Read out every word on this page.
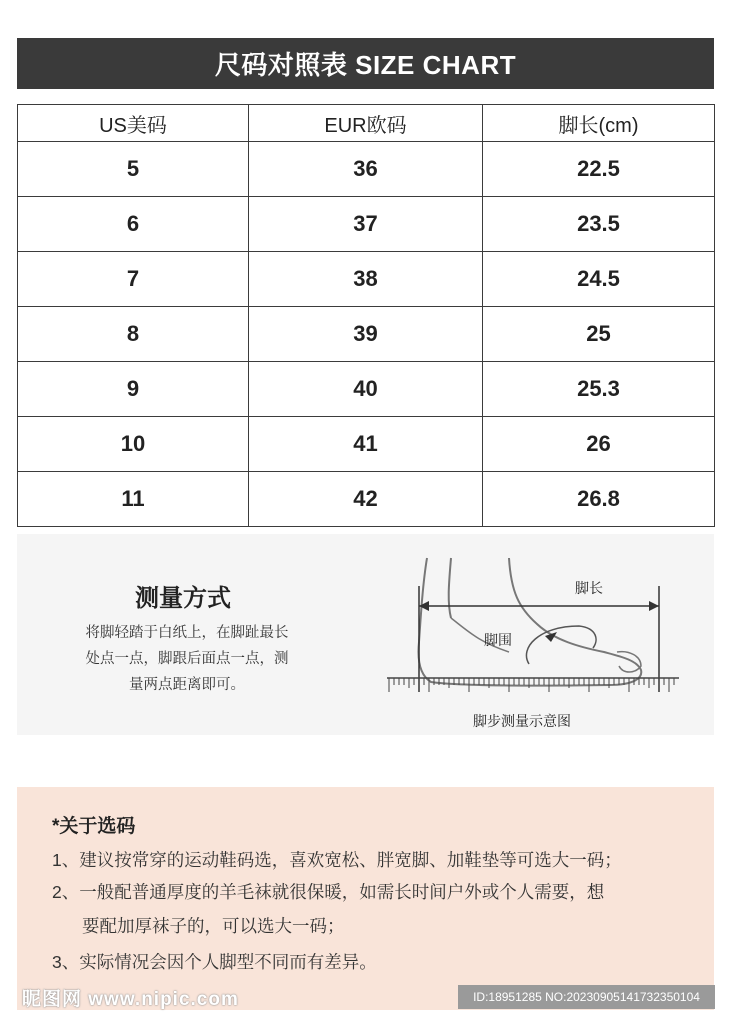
尺码对照表 SIZE CHART
US美码	EUR欧码	脚长(cm)
5	36	22.5
6	37	23.5
7	38	24.5
8	39	25
9	40	25.3
10	41	26
11	42	26.8
测量方式
将脚轻踏于白纸上，在脚趾最长
处点一点，脚跟后面点一点，测
量两点距离即可。
脚长
脚围
脚步测量示意图
*关于选码
1、建议按常穿的运动鞋码选，喜欢宽松、胖宽脚、加鞋垫等可选大一码；
2、一般配普通厚度的羊毛袜就很保暖，如需长时间户外或个人需要，想
要配加厚袜子的，可以选大一码；
3、实际情况会因个人脚型不同而有差异。
昵图网 www.nipic.com	ID:18951285 NO:20230905141732350104
